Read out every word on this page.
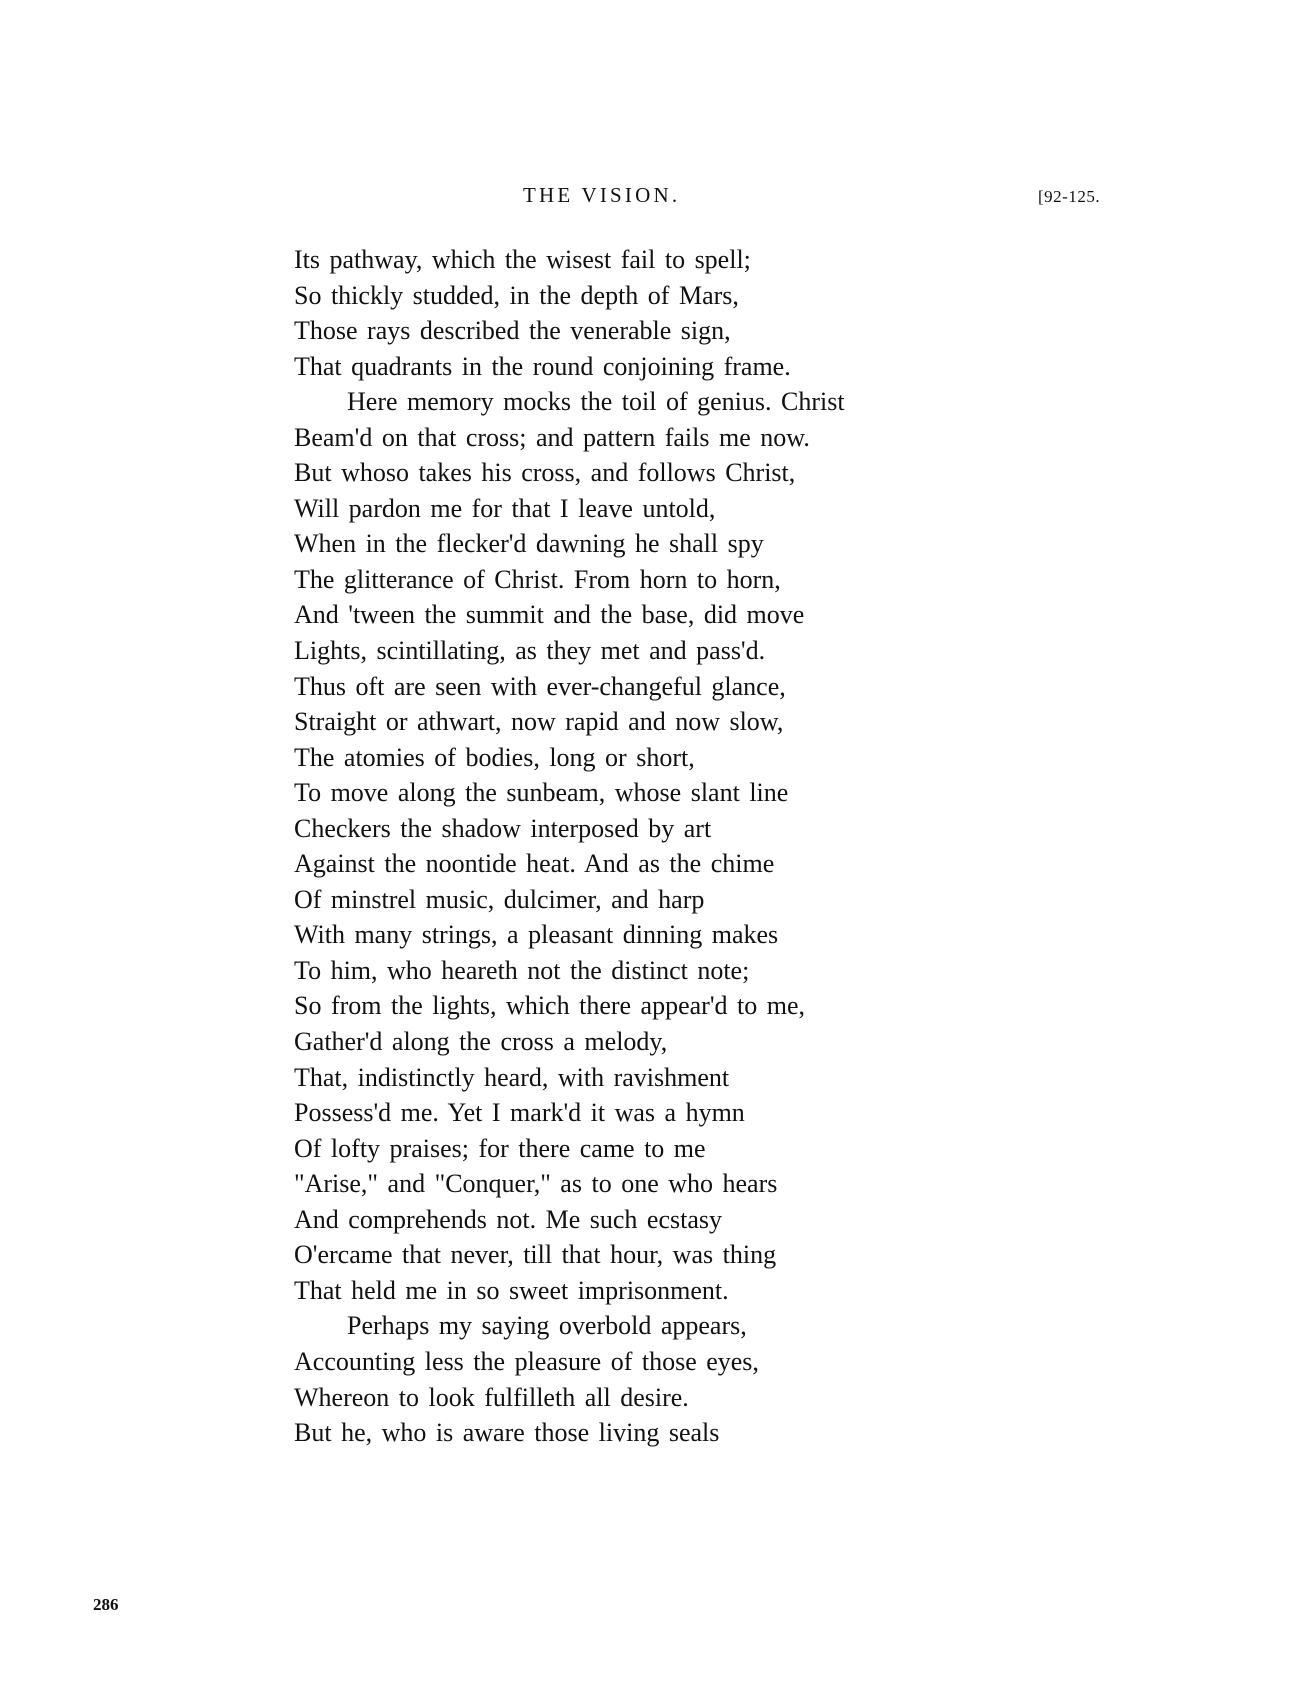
THE VISION.	[92-125.
Its pathway, which the wisest fail to spell;
So thickly studded, in the depth of Mars,
Those rays described the venerable sign,
That quadrants in the round conjoining frame.
Here memory mocks the toil of genius. Christ
Beam'd on that cross; and pattern fails me now.
But whoso takes his cross, and follows Christ,
Will pardon me for that I leave untold,
When in the flecker'd dawning he shall spy
The glitterance of Christ. From horn to horn,
And 'tween the summit and the base, did move
Lights, scintillating, as they met and pass'd.
Thus oft are seen with ever-changeful glance,
Straight or athwart, now rapid and now slow,
The atomies of bodies, long or short,
To move along the sunbeam, whose slant line
Checkers the shadow interposed by art
Against the noontide heat. And as the chime
Of minstrel music, dulcimer, and harp
With many strings, a pleasant dinning makes
To him, who heareth not the distinct note;
So from the lights, which there appear'd to me,
Gather'd along the cross a melody,
That, indistinctly heard, with ravishment
Possess'd me. Yet I mark'd it was a hymn
Of lofty praises; for there came to me
"Arise," and "Conquer," as to one who hears
And comprehends not. Me such ecstasy
O'ercame that never, till that hour, was thing
That held me in so sweet imprisonment.
Perhaps my saying overbold appears,
Accounting less the pleasure of those eyes,
Whereon to look fulfilleth all desire.
But he, who is aware those living seals
286
